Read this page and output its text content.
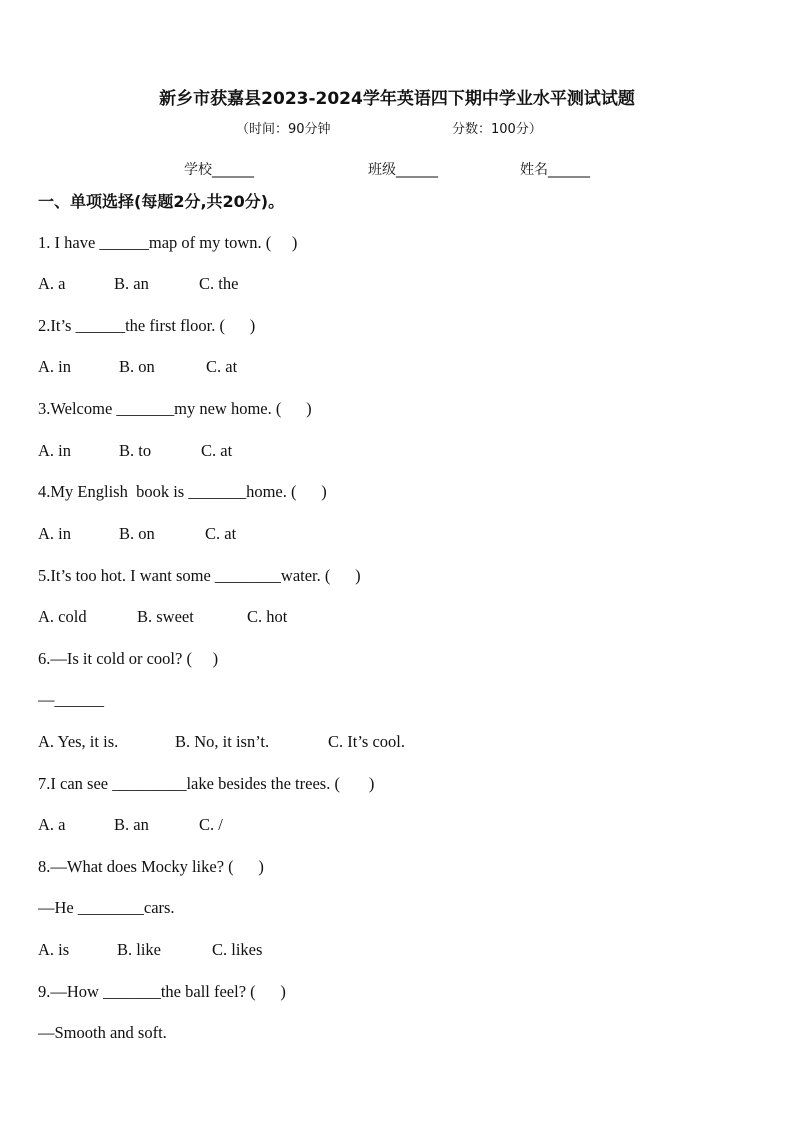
新乡市获嘉县2023-2024学年英语四下期中学业水平测试试题
（时间：90分钟	分数：100分）
学校______	班级______	姓名______
一、单项选择(每题2分,共20分)。
1. I have ______map of my town. (     )

A. a

	B. an

	C. the

2.It’s ______the first floor. (      )

A. in

	B. on

	C. at

3.Welcome _______my new home. (      )

A. in

	B. to

	C. at

4.My English  book is _______home. (      )

A. in

	B. on

	C. at

5.It’s too hot. I want some ________water. (      )

A. cold

	B. sweet

	C. hot

6.—Is it cold or cool? (     )
—______

A. Yes, it is.

	B. No, it isn’t.

	C. It’s cool.

7.I can see _________lake besides the trees. (       )

A. a

	B. an

	C. /

8.—What does Mocky like? (      )
—He ________cars.

A. is

	B. like

	C. likes

9.—How _______the ball feel? (      )
—Smooth and soft.
